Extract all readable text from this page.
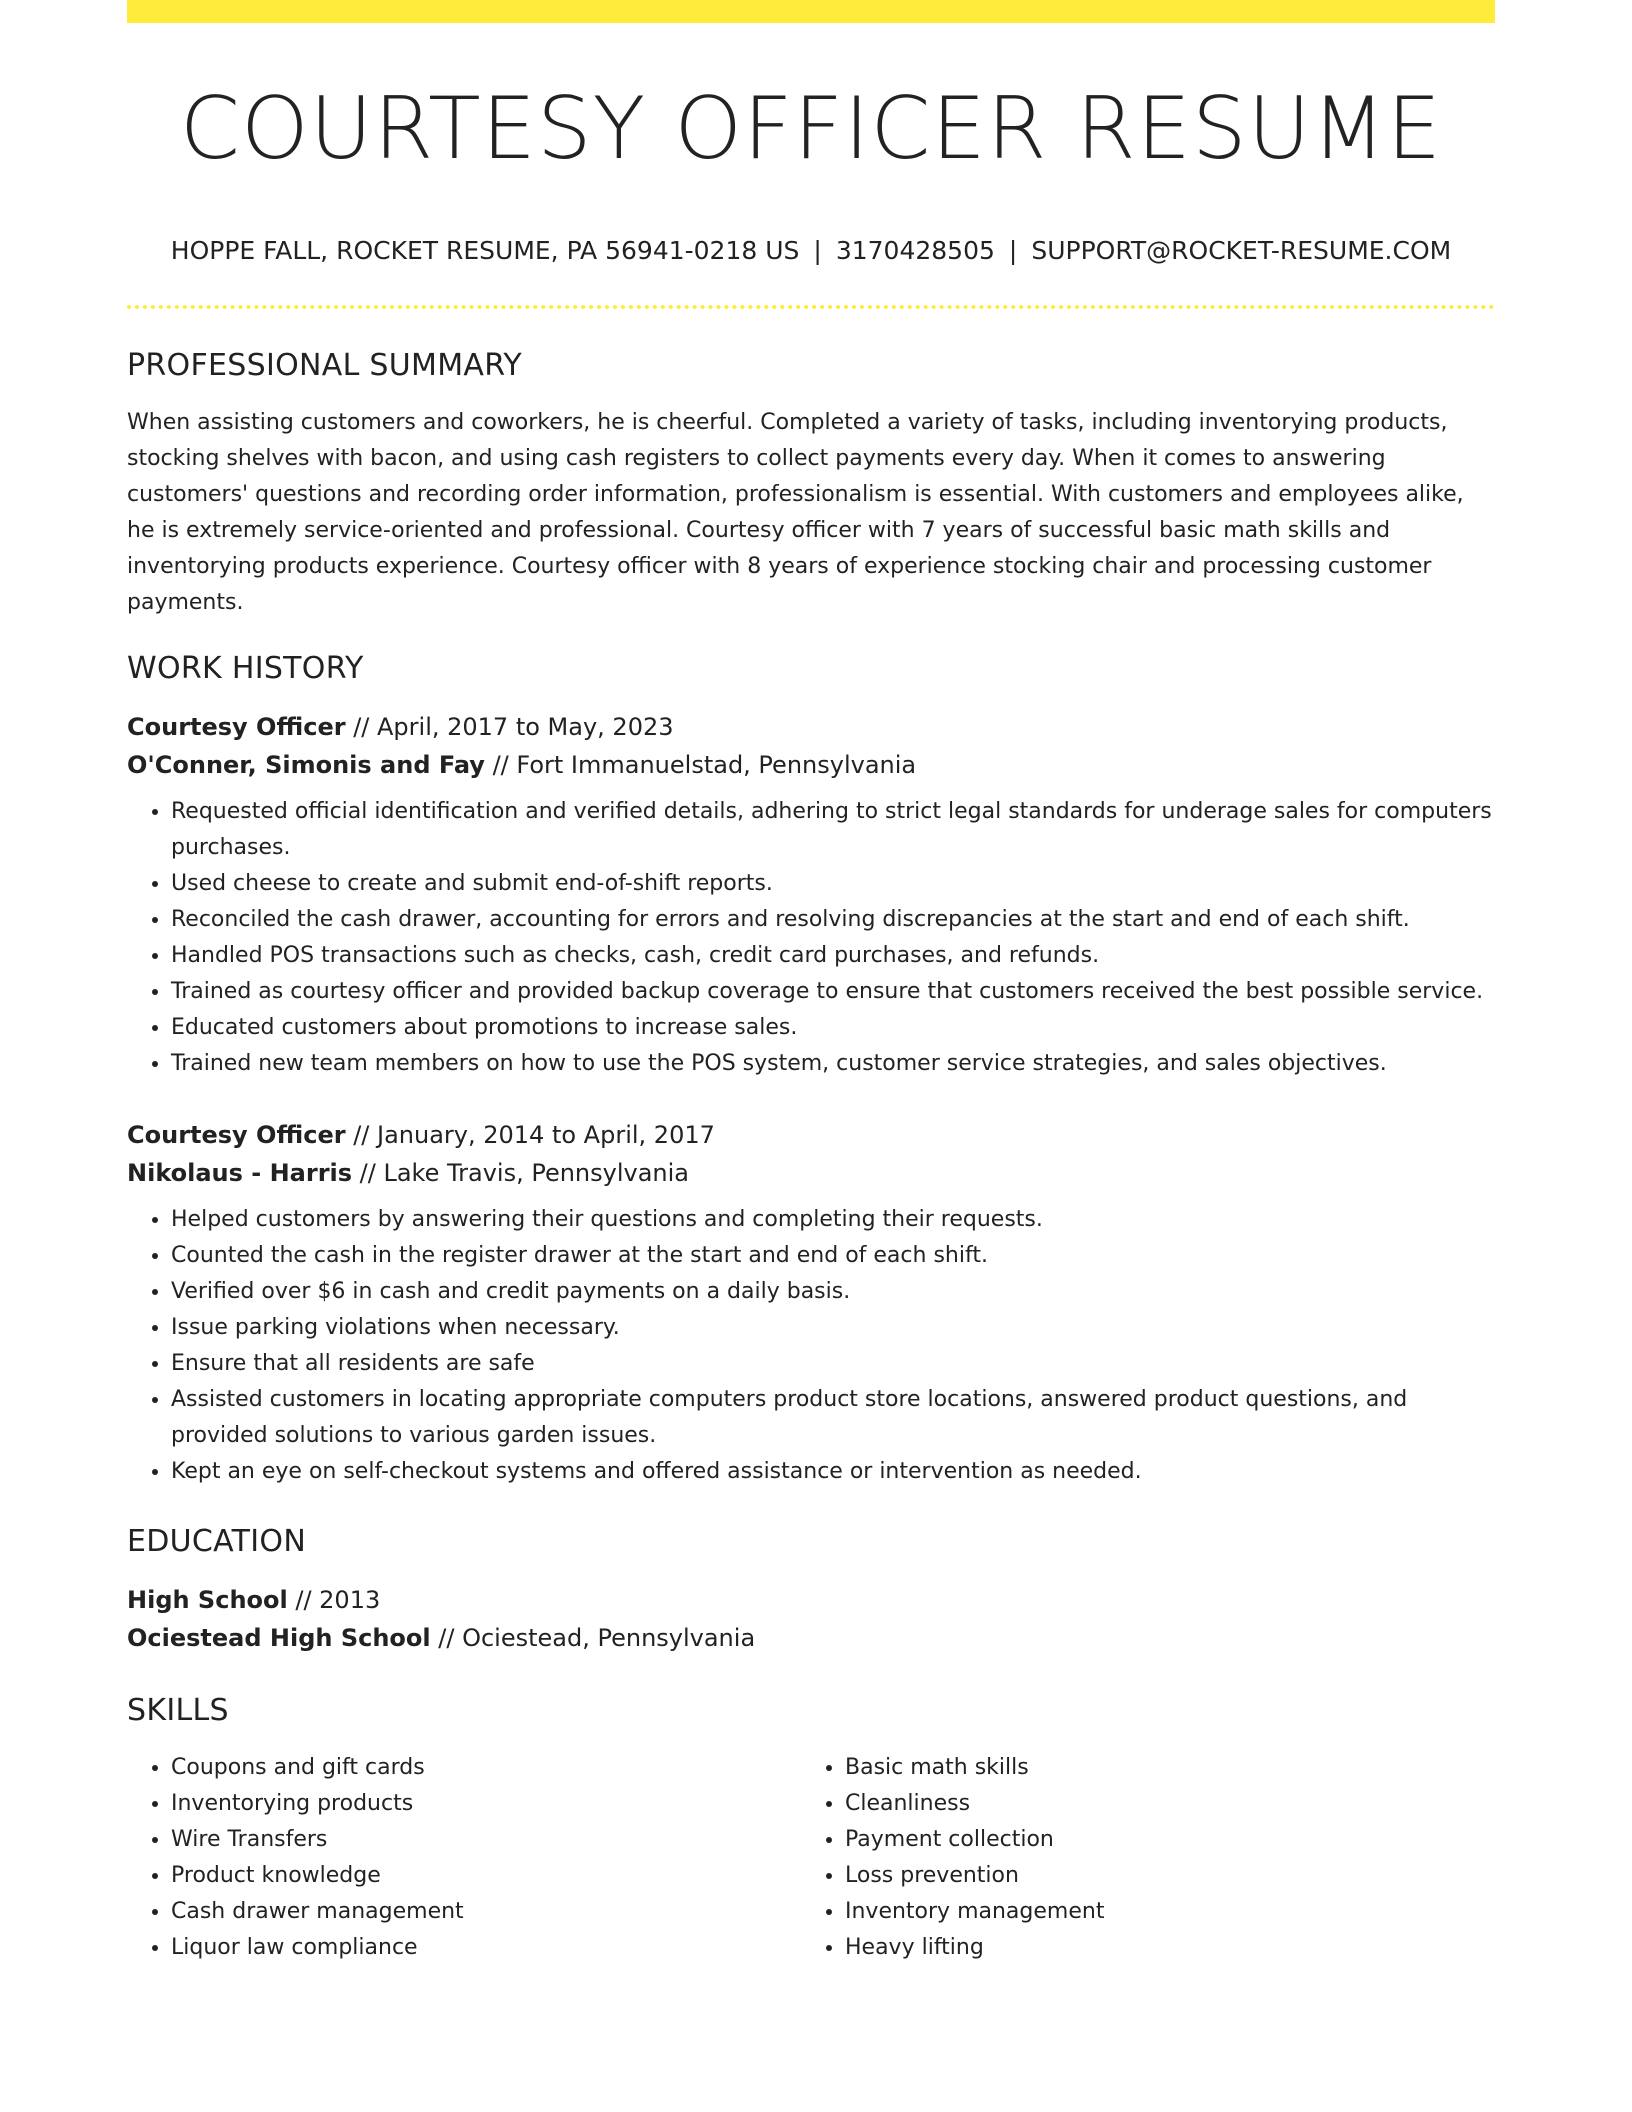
COURTESY OFFICER RESUME
HOPPE FALL, ROCKET RESUME, PA 56941-0218 US | 3170428505 | SUPPORT@ROCKET-RESUME.COM
PROFESSIONAL SUMMARY

When assisting customers and coworkers, he is cheerful. Completed a variety of tasks, including inventorying products, stocking shelves with bacon, and using cash registers to collect payments every day. When it comes to answering customers' questions and recording order information, professionalism is essential. With customers and employees alike, he is extremely service-oriented and professional. Courtesy officer with 7 years of successful basic math skills and inventorying products experience. Courtesy officer with 8 years of experience stocking chair and processing customer payments.

WORK HISTORY

Courtesy Officer // April, 2017 to May, 2023

O'Conner, Simonis and Fay // Fort Immanuelstad, Pennsylvania

• Requested official identification and verified details, adhering to strict legal standards for underage sales for computers purchases.
• Used cheese to create and submit end-of-shift reports.
• Reconciled the cash drawer, accounting for errors and resolving discrepancies at the start and end of each shift.
• Handled POS transactions such as checks, cash, credit card purchases, and refunds.
• Trained as courtesy officer and provided backup coverage to ensure that customers received the best possible service.
• Educated customers about promotions to increase sales.
• Trained new team members on how to use the POS system, customer service strategies, and sales objectives.

Courtesy Officer // January, 2014 to April, 2017

Nikolaus - Harris // Lake Travis, Pennsylvania

• Helped customers by answering their questions and completing their requests.
• Counted the cash in the register drawer at the start and end of each shift.
• Verified over $6 in cash and credit payments on a daily basis.
• Issue parking violations when necessary.
• Ensure that all residents are safe
• Assisted customers in locating appropriate computers product store locations, answered product questions, and provided solutions to various garden issues.
• Kept an eye on self-checkout systems and offered assistance or intervention as needed.
EDUCATION

High School // 2013

Ociestead High School // Ociestead, Pennsylvania

SKILLS
• Coupons and gift cards
• Inventorying products
• Wire Transfers
• Product knowledge
• Cash drawer management
• Liquor law compliance
• Basic math skills
• Cleanliness
• Payment collection
• Loss prevention
• Inventory management
• Heavy lifting
